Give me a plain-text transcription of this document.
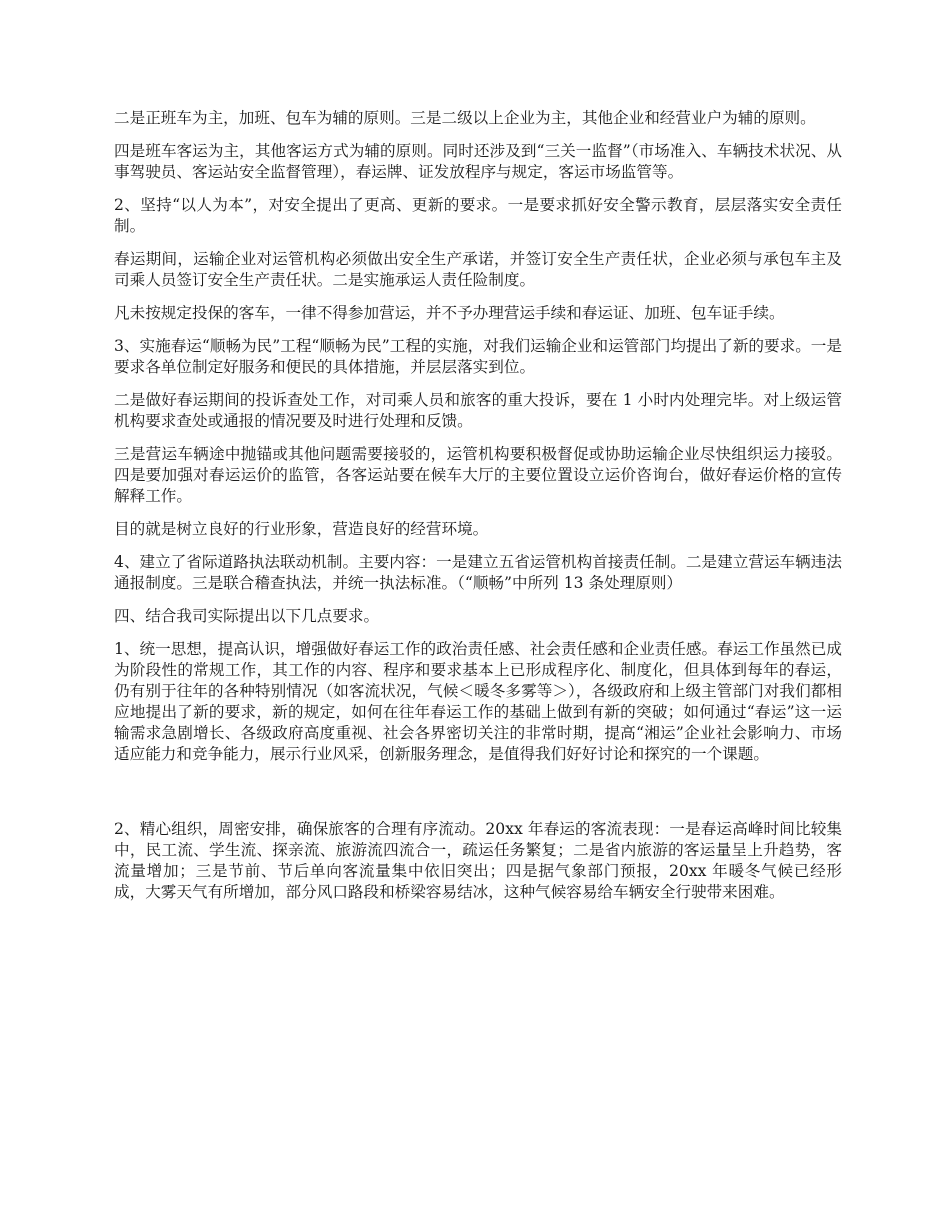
二是正班车为主，加班、包车为辅的原则。三是二级以上企业为主，其他企业和经营业户为辅的原则。

四是班车客运为主，其他客运方式为辅的原则。同时还涉及到“三关一监督”（市场准入、车辆技术状况、从事驾驶员、客运站安全监督管理），春运牌、证发放程序与规定，客运市场监管等。

2、坚持“以人为本”，对安全提出了更高、更新的要求。一是要求抓好安全警示教育，层层落实安全责任制。

春运期间，运输企业对运管机构必须做出安全生产承诺，并签订安全生产责任状，企业必须与承包车主及司乘人员签订安全生产责任状。二是实施承运人责任险制度。

凡未按规定投保的客车，一律不得参加营运，并不予办理营运手续和春运证、加班、包车证手续。

3、实施春运“顺畅为民”工程“顺畅为民”工程的实施，对我们运输企业和运管部门均提出了新的要求。一是要求各单位制定好服务和便民的具体措施，并层层落实到位。

二是做好春运期间的投诉查处工作，对司乘人员和旅客的重大投诉，要在 1 小时内处理完毕。对上级运管机构要求查处或通报的情况要及时进行处理和反馈。

三是营运车辆途中抛锚或其他问题需要接驳的，运管机构要积极督促或协助运输企业尽快组织运力接驳。四是要加强对春运运价的监管，各客运站要在候车大厅的主要位置设立运价咨询台，做好春运价格的宣传解释工作。

目的就是树立良好的行业形象，营造良好的经营环境。

4、建立了省际道路执法联动机制。主要内容：一是建立五省运管机构首接责任制。二是建立营运车辆违法通报制度。三是联合稽查执法，并统一执法标准。（“顺畅”中所列 13 条处理原则）

四、结合我司实际提出以下几点要求。

1、统一思想，提高认识，增强做好春运工作的政治责任感、社会责任感和企业责任感。春运工作虽然已成为阶段性的常规工作，其工作的内容、程序和要求基本上已形成程序化、制度化，但具体到每年的春运，仍有别于往年的各种特别情况（如客流状况，气候＜暖冬多雾等＞），各级政府和上级主管部门对我们都相应地提出了新的要求，新的规定，如何在往年春运工作的基础上做到有新的突破；如何通过“春运”这一运输需求急剧增长、各级政府高度重视、社会各界密切关注的非常时期，提高“湘运”企业社会影响力、市场适应能力和竞争能力，展示行业风采，创新服务理念，是值得我们好好讨论和探究的一个课题。

2、精心组织，周密安排，确保旅客的合理有序流动。20xx 年春运的客流表现：一是春运高峰时间比较集中，民工流、学生流、探亲流、旅游流四流合一，疏运任务繁复；二是省内旅游的客运量呈上升趋势，客流量增加；三是节前、节后单向客流量集中依旧突出；四是据气象部门预报，20xx 年暖冬气候已经形成，大雾天气有所增加，部分风口路段和桥梁容易结冰，这种气候容易给车辆安全行驶带来困难。
